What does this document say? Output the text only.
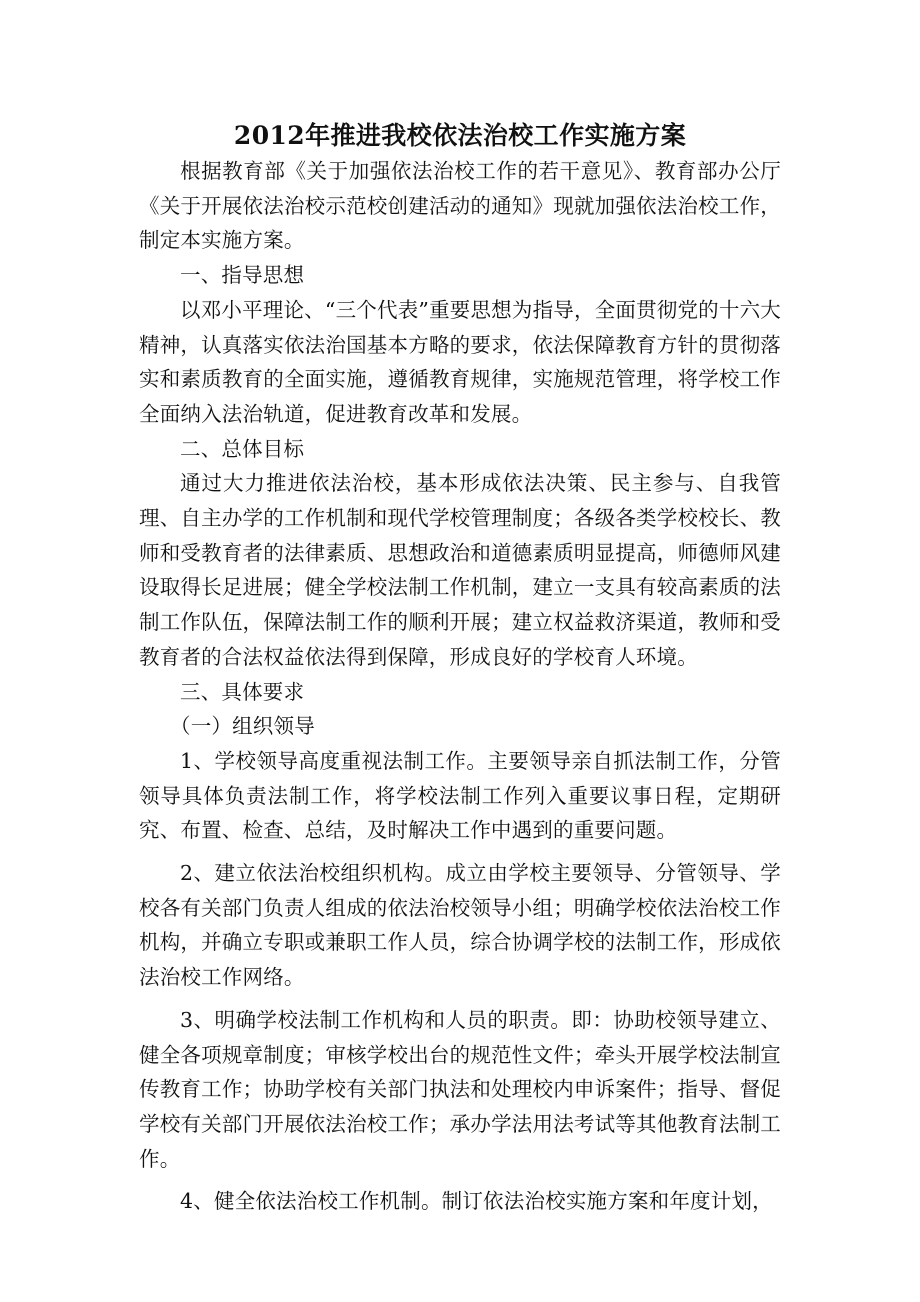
2012年推进我校依法治校工作实施方案

根据教育部《关于加强依法治校工作的若干意见》、教育部办公厅《关于开展依法治校示范校创建活动的通知》现就加强依法治校工作，制定本实施方案。

一、指导思想

以邓小平理论、“三个代表”重要思想为指导，全面贯彻党的十六大精神，认真落实依法治国基本方略的要求，依法保障教育方针的贯彻落实和素质教育的全面实施，遵循教育规律，实施规范管理，将学校工作全面纳入法治轨道，促进教育改革和发展。

二、总体目标

通过大力推进依法治校，基本形成依法决策、民主参与、自我管理、自主办学的工作机制和现代学校管理制度；各级各类学校校长、教师和受教育者的法律素质、思想政治和道德素质明显提高，师德师风建设取得长足进展；健全学校法制工作机制，建立一支具有较高素质的法制工作队伍，保障法制工作的顺利开展；建立权益救济渠道，教师和受教育者的合法权益依法得到保障，形成良好的学校育人环境。

三、具体要求

（一）组织领导

1、学校领导高度重视法制工作。主要领导亲自抓法制工作，分管领导具体负责法制工作，将学校法制工作列入重要议事日程，定期研究、布置、检查、总结，及时解决工作中遇到的重要问题。

2、建立依法治校组织机构。成立由学校主要领导、分管领导、学校各有关部门负责人组成的依法治校领导小组；明确学校依法治校工作机构，并确立专职或兼职工作人员，综合协调学校的法制工作，形成依法治校工作网络。

3、明确学校法制工作机构和人员的职责。即：协助校领导建立、健全各项规章制度；审核学校出台的规范性文件；牵头开展学校法制宣传教育工作；协助学校有关部门执法和处理校内申诉案件；指导、督促学校有关部门开展依法治校工作；承办学法用法考试等其他教育法制工作。

4、健全依法治校工作机制。制订依法治校实施方案和年度计划，
